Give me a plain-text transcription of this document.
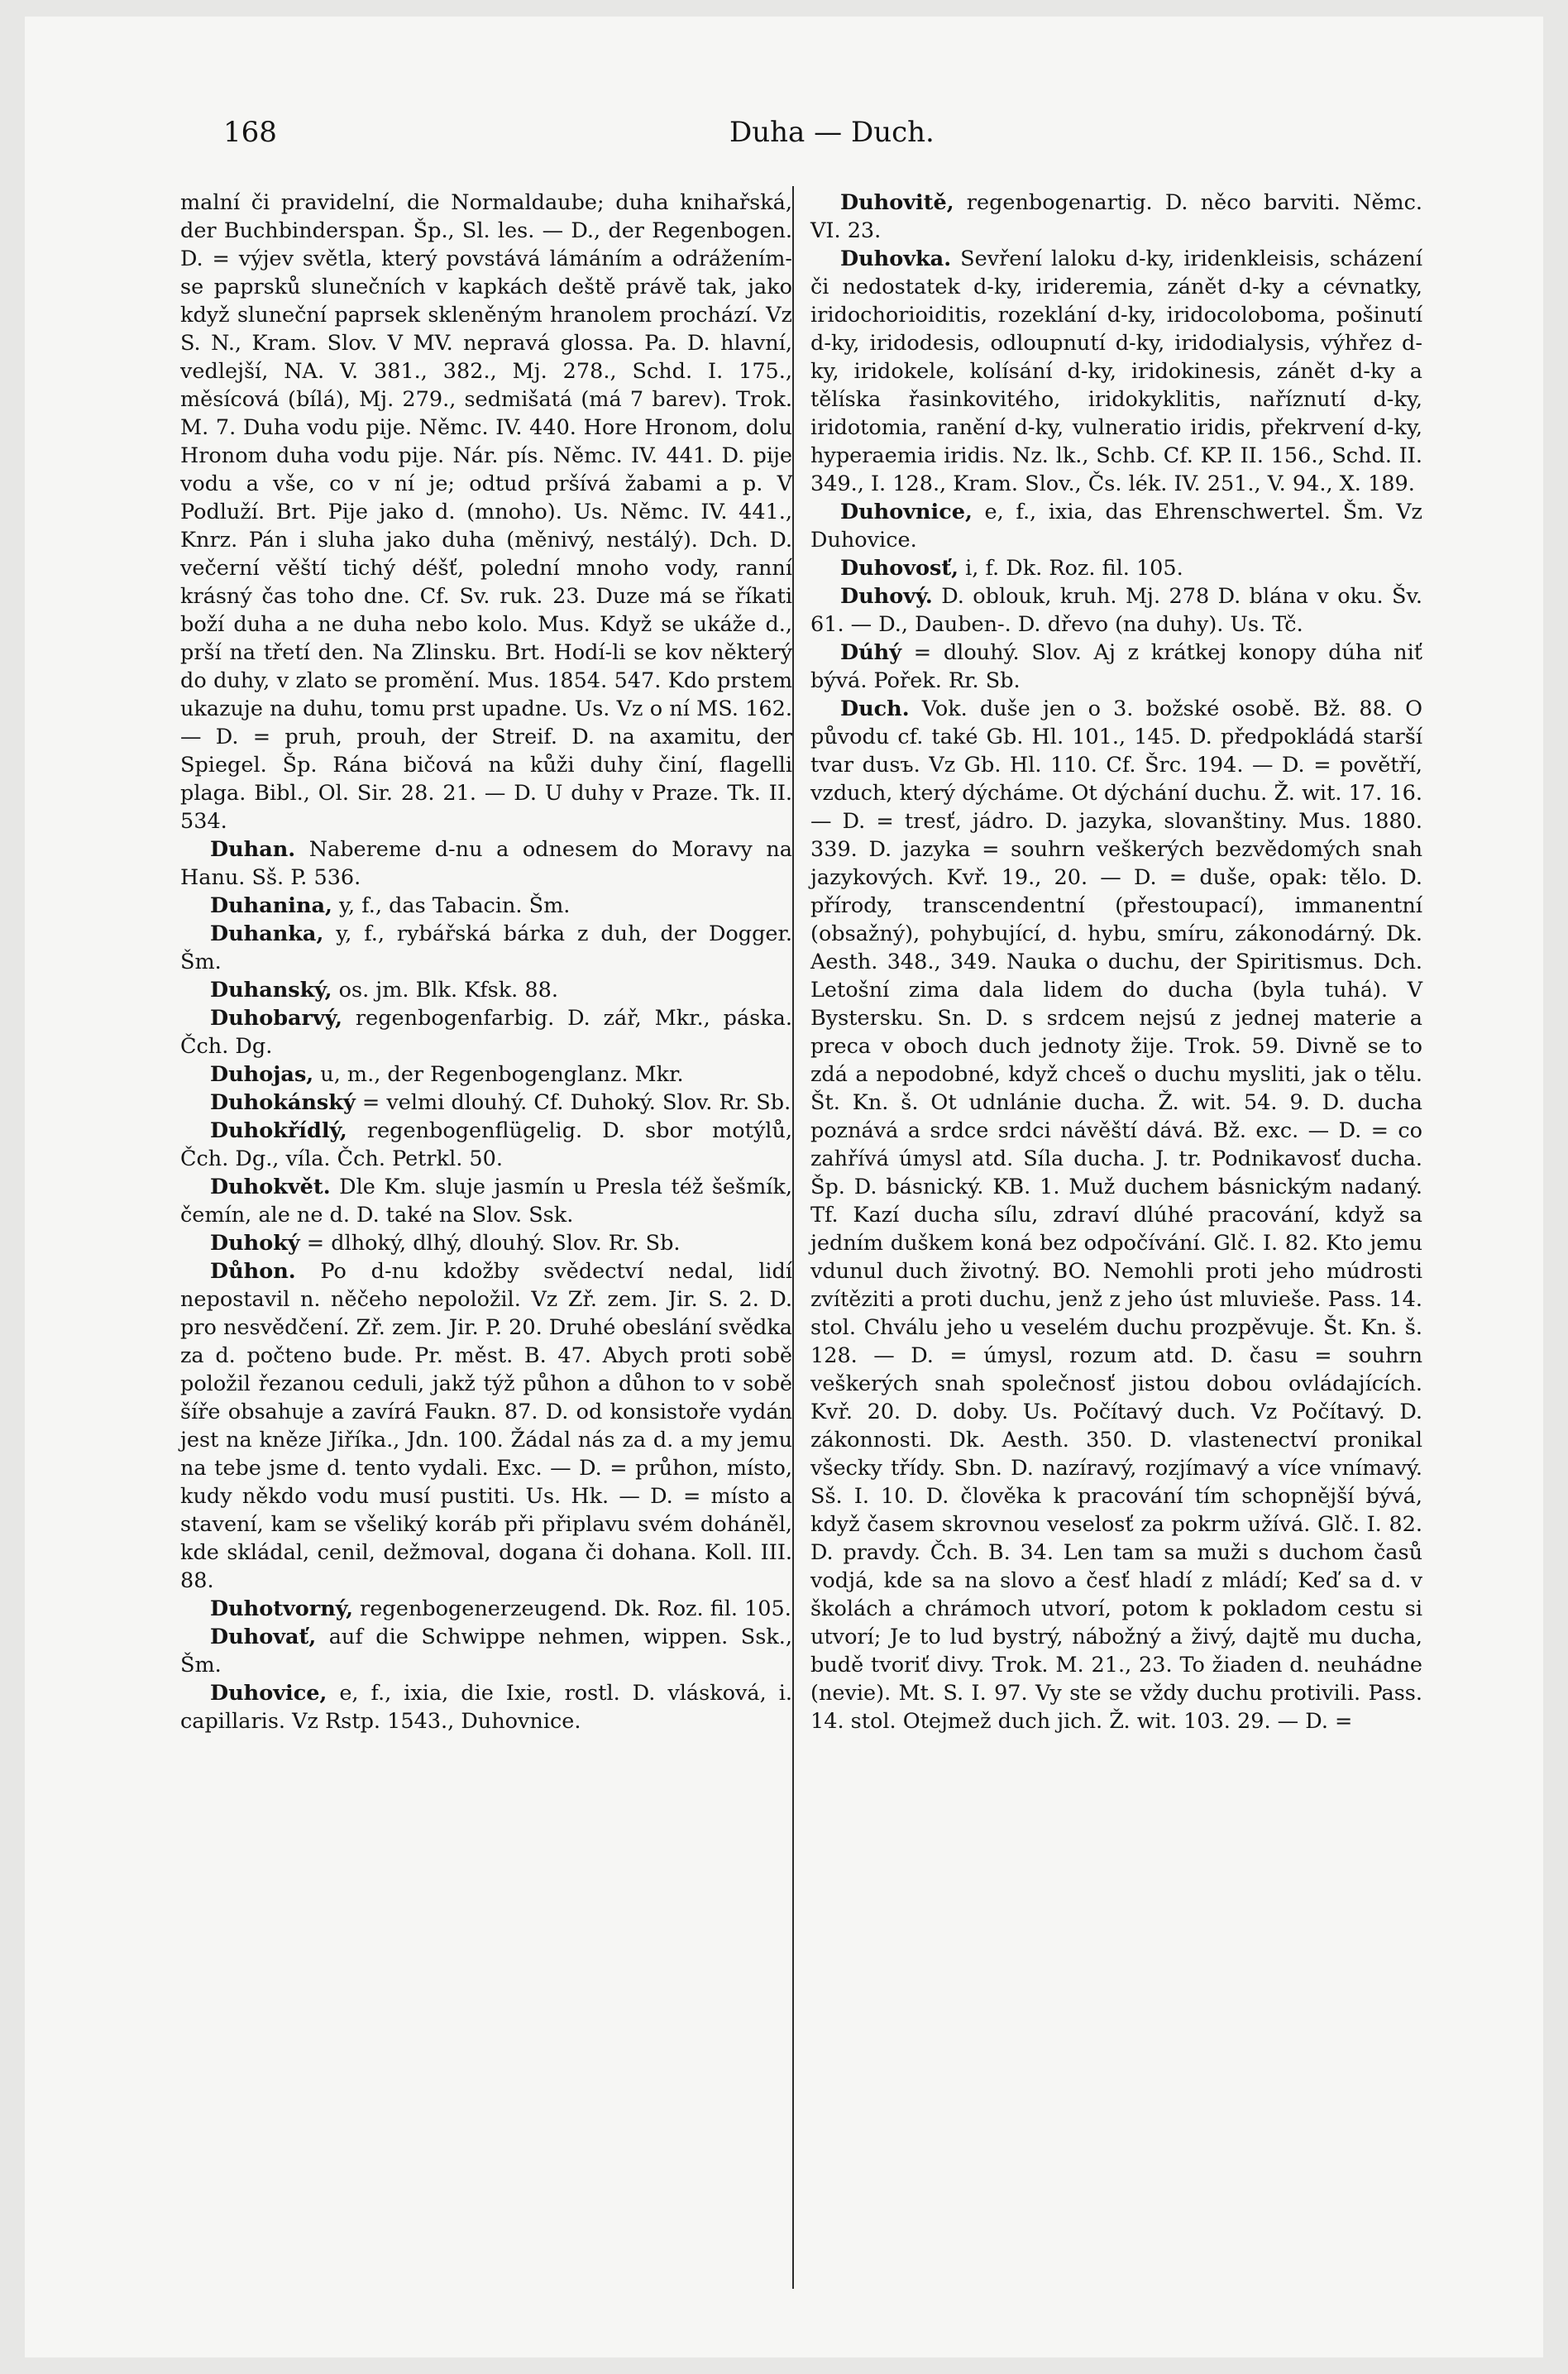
168	Duha — Duch.

malní či pravidelní, die Normaldaube; duha knihařská, der Buchbinderspan. Šp., Sl. les. — D., der Regenbogen. D. = výjev světla, který povstává lámáním a odrážením-se paprsků slunečních v kapkách deště právě tak, jako když sluneční paprsek skleněným hranolem prochází. Vz S. N., Kram. Slov. V MV. nepravá glossa. Pa. D. hlavní, vedlejší, NA. V. 381., 382., Mj. 278., Schd. I. 175., měsícová (bílá), Mj. 279., sedmišatá (má 7 barev). Trok. M. 7. Duha vodu pije. Němc. IV. 440. Hore Hronom, dolu Hronom duha vodu pije. Nár. pís. Němc. IV. 441. D. pije vodu a vše, co v ní je; odtud pršívá žabami a p. V Podluží. Brt. Pije jako d. (mnoho). Us. Němc. IV. 441., Knrz. Pán i sluha jako duha (měnivý, nestálý). Dch. D. večerní věští tichý déšť, polední mnoho vody, ranní krásný čas toho dne. Cf. Sv. ruk. 23. Duze má se říkati boží duha a ne duha nebo kolo. Mus. Když se ukáže d., prší na třetí den. Na Zlinsku. Brt. Hodí-li se kov některý do duhy, v zlato se promění. Mus. 1854. 547. Kdo prstem ukazuje na duhu, tomu prst upadne. Us. Vz o ní MS. 162. — D. = pruh, prouh, der Streif. D. na axamitu, der Spiegel. Šp. Rána bičová na kůži duhy činí, flagelli plaga. Bibl., Ol. Sir. 28. 21. — D. U duhy v Praze. Tk. II. 534.

Duhan. Nabereme d-nu a odnesem do Moravy na Hanu. Sš. P. 536.

Duhanina, y, f., das Tabacin. Šm.

Duhanka, y, f., rybářská bárka z duh, der Dogger. Šm.

Duhanský, os. jm. Blk. Kfsk. 88.

Duhobarvý, regenbogenfarbig. D. zář, Mkr., páska. Čch. Dg.

Duhojas, u, m., der Regenbogenglanz. Mkr.

Duhokánský = velmi dlouhý. Cf. Duhoký. Slov. Rr. Sb.

Duhokřídlý, regenbogenflügelig. D. sbor motýlů, Čch. Dg., víla. Čch. Petrkl. 50.

Duhokvět. Dle Km. sluje jasmín u Presla též šešmík, čemín, ale ne d. D. také na Slov. Ssk.

Duhoký = dlhoký, dlhý, dlouhý. Slov. Rr. Sb.

Důhon. Po d-nu kdožby svědectví nedal, lidí nepostavil n. něčeho nepoložil. Vz Zř. zem. Jir. S. 2. D. pro nesvědčení. Zř. zem. Jir. P. 20. Druhé obeslání svědka za d. počteno bude. Pr. měst. B. 47. Abych proti sobě položil řezanou ceduli, jakž týž půhon a důhon to v sobě šíře obsahuje a zavírá Faukn. 87. D. od konsistoře vydán jest na kněze Jiříka., Jdn. 100. Žádal nás za d. a my jemu na tebe jsme d. tento vydali. Exc. — D. = průhon, místo, kudy někdo vodu musí pustiti. Us. Hk. — D. = místo a stavení, kam se všeliký koráb při připlavu svém doháněl, kde skládal, cenil, dežmoval, dogana či dohana. Koll. III. 88.

Duhotvorný, regenbogenerzeugend. Dk. Roz. fil. 105.

Duhovať, auf die Schwippe nehmen, wippen. Ssk., Šm.

Duhovice, e, f., ixia, die Ixie, rostl. D. vlásková, i. capillaris. Vz Rstp. 1543., Duhovnice.

Duhovitě, regenbogenartig. D. něco barviti. Němc. VI. 23.

Duhovka. Sevření laloku d-ky, iridenkleisis, scházení či nedostatek d-ky, irideremia, zánět d-ky a cévnatky, iridochorioiditis, rozeklání d-ky, iridocoloboma, pošinutí d-ky, iridodesis, odloupnutí d-ky, iridodialysis, výhřez d-ky, iridokele, kolísání d-ky, iridokinesis, zánět d-ky a tělíska řasinkovitého, iridokyklitis, naříznutí d-ky, iridotomia, ranění d-ky, vulneratio iridis, překrvení d-ky, hyperaemia iridis. Nz. lk., Schb. Cf. KP. II. 156., Schd. II. 349., I. 128., Kram. Slov., Čs. lék. IV. 251., V. 94., X. 189.

Duhovnice, e, f., ixia, das Ehrenschwertel. Šm. Vz Duhovice.

Duhovosť, i, f. Dk. Roz. fil. 105.

Duhový. D. oblouk, kruh. Mj. 278 D. blána v oku. Šv. 61. — D., Dauben-. D. dřevo (na duhy). Us. Tč.

Dúhý = dlouhý. Slov. Aj z krátkej konopy dúha niť bývá. Pořek. Rr. Sb.

Duch. Vok. duše jen o 3. božské osobě. Bž. 88. O původu cf. také Gb. Hl. 101., 145. D. předpokládá starší tvar dusъ. Vz Gb. Hl. 110. Cf. Šrc. 194. — D. = povětří, vzduch, který dýcháme. Ot dýchání duchu. Ž. wit. 17. 16. — D. = tresť, jádro. D. jazyka, slovanštiny. Mus. 1880. 339. D. jazyka = souhrn veškerých bezvědomých snah jazykových. Kvř. 19., 20. — D. = duše, opak: tělo. D. přírody, transcendentní (přestoupací), immanentní (obsažný), pohybující, d. hybu, smíru, zákonodárný. Dk. Aesth. 348., 349. Nauka o duchu, der Spiritismus. Dch. Letošní zima dala lidem do ducha (byla tuhá). V Bystersku. Sn. D. s srdcem nejsú z jednej materie a preca v oboch duch jednoty žije. Trok. 59. Divně se to zdá a nepodobné, když chceš o duchu mysliti, jak o tělu. Št. Kn. š. Ot udnlánie ducha. Ž. wit. 54. 9. D. ducha poznává a srdce srdci návěští dává. Bž. exc. — D. = co zahřívá úmysl atd. Síla ducha. J. tr. Podnikavosť ducha. Šp. D. básnický. KB. 1. Muž duchem básnickým nadaný. Tf. Kazí ducha sílu, zdraví dlúhé pracování, když sa jedním duškem koná bez odpočívání. Glč. I. 82. Kto jemu vdunul duch životný. BO. Nemohli proti jeho múdrosti zvítěziti a proti duchu, jenž z jeho úst mluviešе. Pass. 14. stol. Chválu jeho u veselém duchu prozpěvuje. Št. Kn. š. 128. — D. = úmysl, rozum atd. D. času = souhrn veškerých snah společnosť jistou dobou ovládajících. Kvř. 20. D. doby. Us. Počítavý duch. Vz Počítavý. D. zákonnosti. Dk. Aesth. 350. D. vlastenectví pronikal všecky třídy. Sbn. D. nazíravý, rozjímavý a více vnímavý. Sš. I. 10. D. člověka k pracování tím schopnější bývá, když časem skrovnou veselosť za pokrm užívá. Glč. I. 82. D. pravdy. Čch. B. 34. Len tam sa muži s duchom časů vodjá, kde sa na slovo a česť hladí z mládí; Keď sa d. v školách a chrámoch utvorí, potom k pokladom cestu si utvorí; Je to lud bystrý, nábožný a živý, dajtě mu ducha, budě tvoriť divy. Trok. M. 21., 23. To žiaden d. neuhádne (nevie). Mt. S. I. 97. Vy ste se vždy duchu protivili. Pass. 14. stol. Otejmež duch jich. Ž. wit. 103. 29. — D. =
